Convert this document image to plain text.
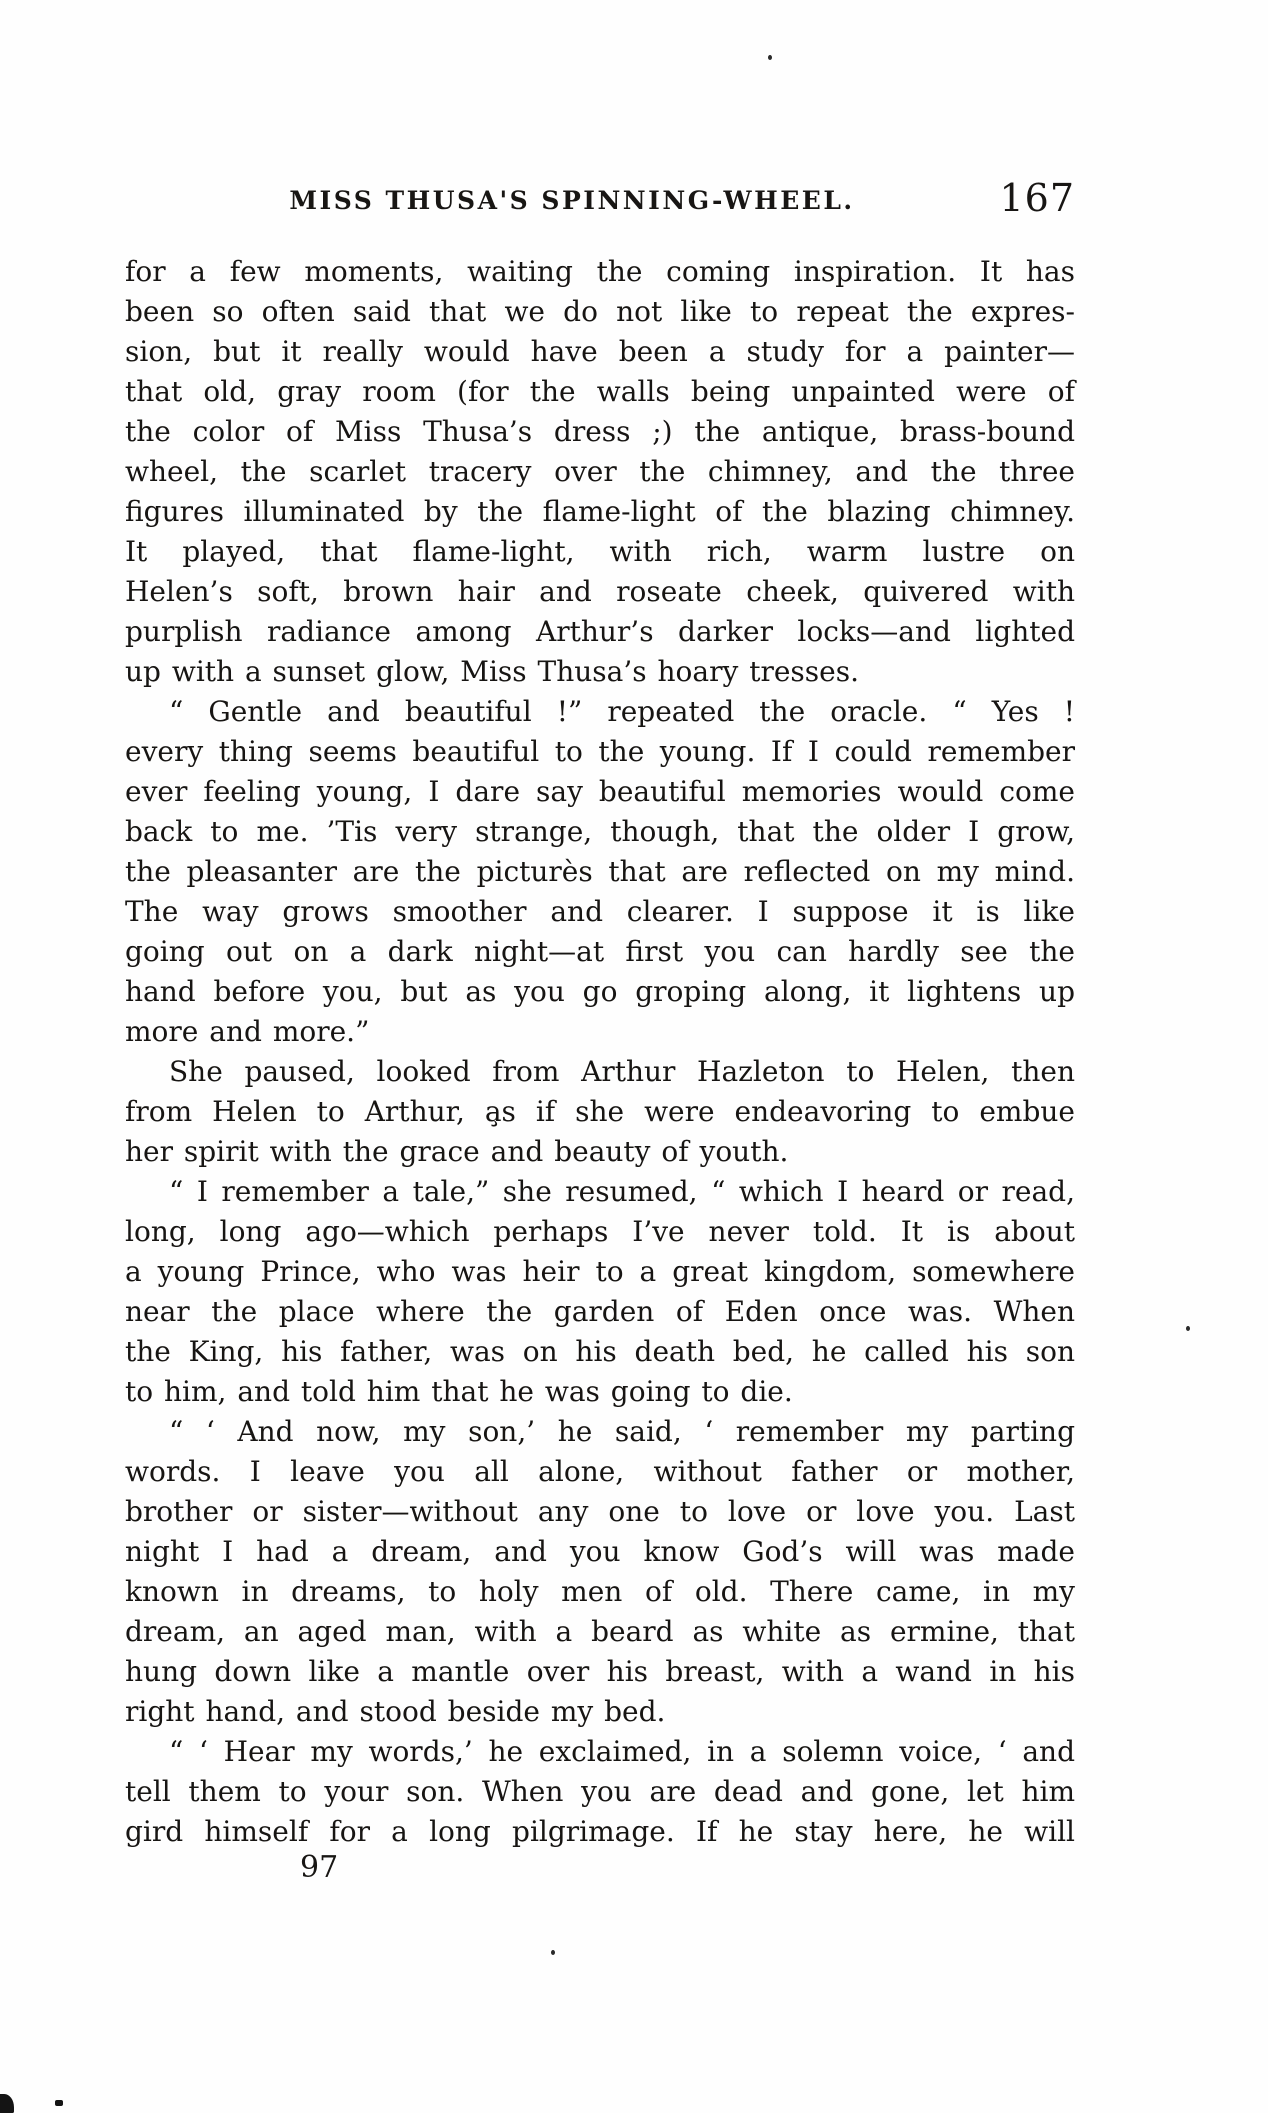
MISS THUSA'S SPINNING-WHEEL.	167
for a few moments, waiting the coming inspiration. It has
been so often said that we do not like to repeat the expres-
sion, but it really would have been a study for a painter—
that old, gray room (for the walls being unpainted were of
the color of Miss Thusa’s dress ;) the antique, brass-bound
wheel, the scarlet tracery over the chimney, and the three
figures illuminated by the flame-light of the blazing chimney.
It played, that flame-light, with rich, warm lustre on
Helen’s soft, brown hair and roseate cheek, quivered with
purplish radiance among Arthur’s darker locks—and lighted
up with a sunset glow, Miss Thusa’s hoary tresses.
“ Gentle and beautiful !” repeated the oracle. “ Yes !
every thing seems beautiful to the young. If I could remember
ever feeling young, I dare say beautiful memories would come
back to me. ’Tis very strange, though, that the older I grow,
the pleasanter are the picturès that are reflected on my mind.
The way grows smoother and clearer. I suppose it is like
going out on a dark night—at first you can hardly see the
hand before you, but as you go groping along, it lightens up
more and more.”
She paused, looked from Arthur Hazleton to Helen, then
from Helen to Arthur, a̧s if she were endeavoring to embue
her spirit with the grace and beauty of youth.
“ I remember a tale,” she resumed, “ which I heard or read,
long, long ago—which perhaps I’ve never told. It is about
a young Prince, who was heir to a great kingdom, somewhere
near the place where the garden of Eden once was. When
the King, his father, was on his death bed, he called his son
to him, and told him that he was going to die.
“ ‘ And now, my son,’ he said, ‘ remember my parting
words. I leave you all alone, without father or mother,
brother or sister—without any one to love or love you. Last
night I had a dream, and you know God’s will was made
known in dreams, to holy men of old. There came, in my
dream, an aged man, with a beard as white as ermine, that
hung down like a mantle over his breast, with a wand in his
right hand, and stood beside my bed.
“ ‘ Hear my words,’ he exclaimed, in a solemn voice, ‘ and
tell them to your son. When you are dead and gone, let him
gird himself for a long pilgrimage. If he stay here, he will
97
